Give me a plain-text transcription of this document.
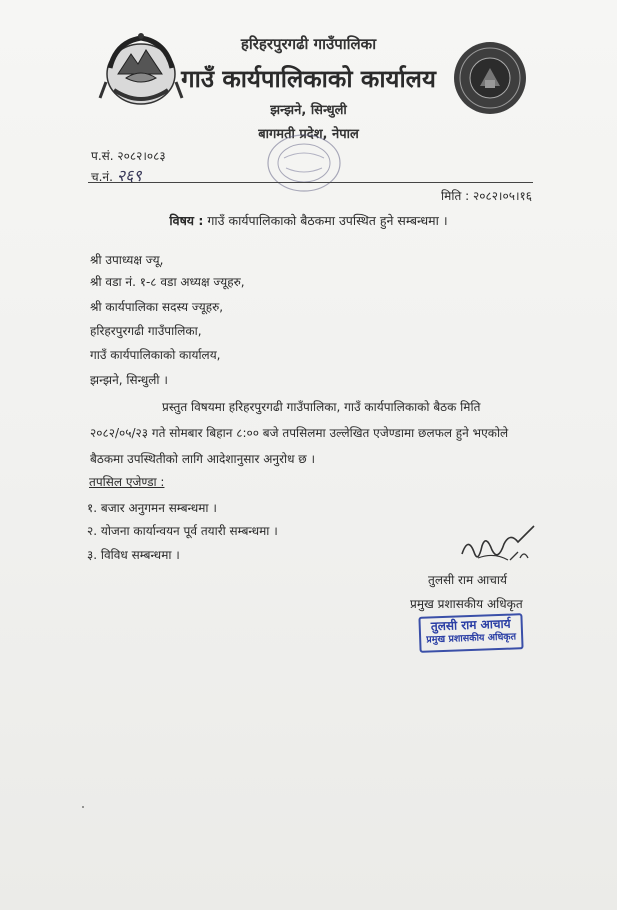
हरिहरपुरगढी गाउँपालिका
गाउँ कार्यपालिकाको कार्यालय
झन्झने, सिन्धुली
बागमती प्रदेश, नेपाल
प.सं. २०८२।०८३
च.नं. २६९
मिति : २०८२।०५।१६
विषय : गाउँ कार्यपालिकाको बैठकमा उपस्थित हुने सम्बन्धमा ।
श्री उपाध्यक्ष ज्यू,
श्री वडा नं. १-८ वडा अध्यक्ष ज्यूहरु,
श्री कार्यपालिका सदस्य ज्यूहरु,
हरिहरपुरगढी गाउँपालिका,
गाउँ कार्यपालिकाको कार्यालय,
झन्झने, सिन्धुली ।
प्रस्तुत विषयमा हरिहरपुरगढी गाउँपालिका, गाउँ कार्यपालिकाको बैठक मिति २०८२/०५/२३ गते सोमबार बिहान ८:०० बजे तपसिलमा उल्लेखित एजेण्डामा छलफल हुने भएकोले बैठकमा उपस्थितीको लागि आदेशानुसार अनुरोध छ ।
तपसिल एजेण्डा :
१. बजार अनुगमन सम्बन्धमा ।
२. योजना कार्यान्वयन पूर्व तयारी सम्बन्धमा ।
३. विविध सम्बन्धमा ।
तुलसी राम आचार्य
प्रमुख प्रशासकीय अधिकृत
तुलसी राम आचार्य
प्रमुख प्रशासकीय अधिकृत
